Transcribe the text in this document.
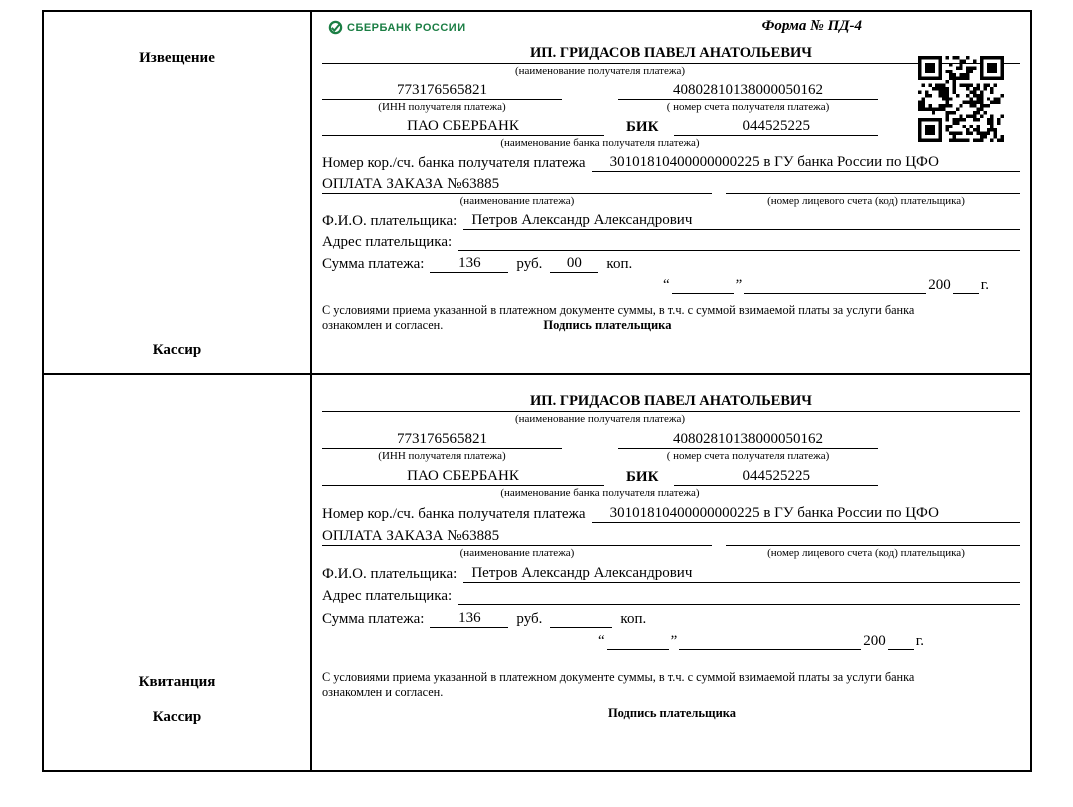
Извещение
Кассир
СБЕРБАНК РОССИИ	Форма № ПД-4
ИП. ГРИДАСОВ ПАВЕЛ АНАТОЛЬЕВИЧ
(наименование получателя платежа)
773176565821	40802810138000050162
(ИНН получателя платежа)	( номер счета получателя платежа)
ПАО СБЕРБАНК	БИК	044525225
(наименование банка получателя платежа)
Номер кор./сч. банка получателя платежа	30101810400000000225 в ГУ банка России по ЦФО
ОПЛАТА ЗАКАЗА №63885
(наименование платежа)	(номер лицевого счета (код) плательщика)
Ф.И.О. плательщика: Петров Александр Александрович
Адрес плательщика:
Сумма платежа:	136	руб.	00	коп.
“	”	200 г.
С условиями приема указанной в платежном документе суммы, в т.ч. с суммой взимаемой платы за услуги банка
ознакомлен и согласен.	Подпись плательщика
Квитанция
Кассир
ИП. ГРИДАСОВ ПАВЕЛ АНАТОЛЬЕВИЧ
(наименование получателя платежа)
773176565821	40802810138000050162
(ИНН получателя платежа)	( номер счета получателя платежа)
ПАО СБЕРБАНК	БИК	044525225
(наименование банка получателя платежа)
Номер кор./сч. банка получателя платежа	30101810400000000225 в ГУ банка России по ЦФО
ОПЛАТА ЗАКАЗА №63885
(наименование платежа)	(номер лицевого счета (код) плательщика)
Ф.И.О. плательщика: Петров Александр Александрович
Адрес плательщика:
Сумма платежа:	136	руб.	коп.
“	”	200 г.
С условиями приема указанной в платежном документе суммы, в т.ч. с суммой взимаемой платы за услуги банка
ознакомлен и согласен.
Подпись плательщика
